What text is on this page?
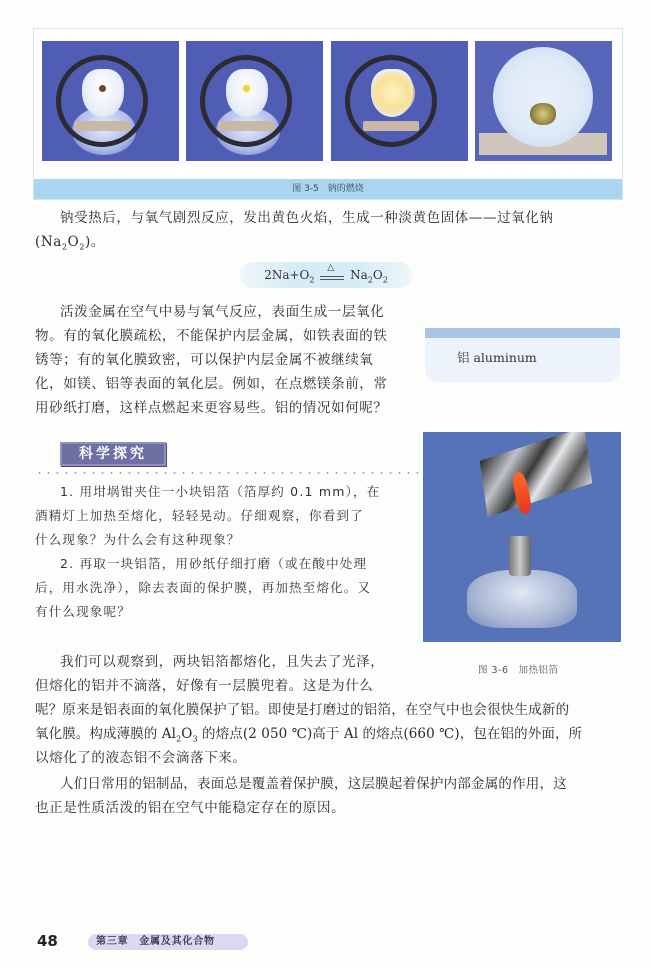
图 3-5　钠的燃烧

钠受热后，与氧气剧烈反应，发出黄色火焰，生成一种淡黄色固体——过氧化钠

$(Na_2O_2)$。

$2Na+O_2$
△
$Na_2O_2$

活泼金属在空气中易与氧气反应，表面生成一层氧化

物。有的氧化膜疏松，不能保护内层金属，如铁表面的铁

锈等；有的氧化膜致密，可以保护内层金属不被继续氧

化，如镁、铝等表面的氧化层。例如，在点燃镁条前，常

用砂纸打磨，这样点燃起来更容易些。铝的情况如何呢？

铝 aluminum
科学探究

1. 用坩埚钳夹住一小块铝箔（箔厚约 0.1 mm），在

酒精灯上加热至熔化，轻轻晃动。仔细观察，你看到了

什么现象？为什么会有这种现象？

2. 再取一块铝箔，用砂纸仔细打磨（或在酸中处理

后，用水洗净），除去表面的保护膜，再加热至熔化。又

有什么现象呢？

图 3-6　加热铝箔

我们可以观察到，两块铝箔都熔化，且失去了光泽，

但熔化的铝并不滴落，好像有一层膜兜着。这是为什么

呢？原来是铝表面的氧化膜保护了铝。即使是打磨过的铝箔，在空气中也会很快生成新的

氧化膜。构成薄膜的 $Al_2O_3$ 的熔点(2 050 ℃)高于 Al 的熔点(660 ℃)，包在铝的外面，所

以熔化了的液态铝不会滴落下来。

人们日常用的铝制品，表面总是覆盖着保护膜，这层膜起着保护内部金属的作用，这

也正是性质活泼的铝在空气中能稳定存在的原因。

48	第三章　金属及其化合物
